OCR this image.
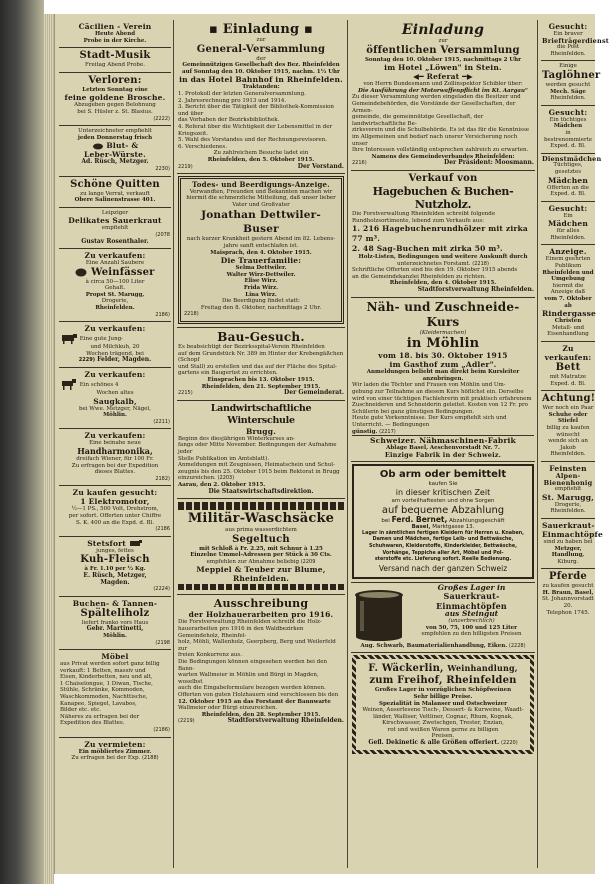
Cäcilien - Verein
Heute Abend
Probe in der Kirche.
Stadt-Musik
Freitag Abend Probe.
Verloren:
Letzten Sonntag eine
feine goldene Brosche.
Abzugeben gegen Belohnung
bei S. Hüsler z. St. Blasius.
(2222)
Unterzeichneter empfiehlt
jeden Donnerstag frisch
Blut- &
Leber-Würste.
Ad. Rüsch, Metzger.
2230)
Schöne Quitten
zu lange Verrat, verkauft
Obere Salinenstrasse 401.
Leipziger
Delikates Sauerkraut
empfiehlt
(2078
Gustav Rosenthaler.
Zu verkaufen:
Eine Anzahl Saubere
Weinfässer
à circa 50—100 Liter
Gehalt.
Propst St. Marugg,
Drogerie,
Rheinfelden.
2186)
Zu verkaufen:
Eine gute Jung-
und Milchkuh, 20
Wochen trägend, bei
2229) Felder, Magden.
Zu verkaufen:
Ein schönes 4
Wochen altes
Saugkalb,
bei Wwe. Metzger, Nägel,
Möhlin.
(2211)
Zu verkaufen:
Eine beinahe neue
Handharmonika,
dreifach Wiener, für 100 Fr.
Zu erfragen bei der Expedition
dieses Blattes.
2182)
Zu kaufen gesucht:
1 Elektromotor,
½—1 PS., 500 Volt, Drehstrom,
per sofort. Offerten unter Chiffre
S. K. 400 an die Expd. d. Bl.
(2186
Stetsfort
junges, fettes
Kuh-Fleisch
à Fr. 1.10 per ½ Kg.
E. Rüsch, Metzger,
Magden.
(2224)
Buchen- & Tannen-
Spälteliholz
liefert franko vors Haus
Gebr. Martinetti,
Möhlin.
(2198
Möbel
aus Privat werden sofort ganz billig
verkauft: 1 Betten, massiv und
Eisen, Kinderbetten, neu und alt,
1 Chaiselongue, 1 Diwan, Tische,
Stühle, Schränke, Kommoden,
Waschkommoden, Nachttische,
Kanapee, Spiegel, Lavabos,
Bilder etc. etc.
Näheres zu erfragen bei der
Expedition des Blattes.
(2186)
Zu vermieten:
Ein möbliertes Zimmer.
Zu erfragen bei der Exp. (2188)
▪ Einladung ▪
zur
General-Versammlung
der
Gemeinnützigen Gesellschaft des Bez. Rheinfelden
auf Sonntag den 10. Oktober 1915, nachm. 1½ Uhr
in das Hotel Bahnhof in Rheinfelden.
Traktanden:
1. Protokoll der letzten Generalversammlung.
2. Jahresrechnung pro 1913 und 1914.
3. Bericht über die Tätigkeit der Bibliothek-Kommission und über
das Vorhaben der Bezirksbibliothek.
4. Referat über die Wichtigkeit der Lebensmittel in der Kriegszeit.
5. Wahl des Vorstandes und der Rechnungsrevisoren.
6. Verschiedenes.
Zu zahlreichem Besuche ladet ein
Rheinfelden, den 5. Oktober 1915.
2219)	Der Vorstand.
Todes- und Beerdigungs-Anzeige.
Verwandten, Freunden und Bekannten machen wir
hiermit die schmerzliche Mitteilung, daß unser lieber
Vater und Großvater
Jonathan Dettwiler-Buser
nach kurzer Krankheit gestern Abend im 82. Lebens-
jahre sanft entschlafen ist.
Maisprach, den 4. Oktober 1915.
Die Trauerfamilie:
Selma Dettwiler.
Walter Wirz-Dettwiler.
Elise Wirz.
Frida Wirz.
Lina Wirz.
Die Beerdigung findet statt:
Freitag den 8. Oktober, nachmittags 2 Uhr.
2218)
Bau-Gesuch.
Es beabsichtigt der Bezirksspital-Verein Rheinfelden
auf dem Grundstück Nr. 389 im Hinter der Krebengäßchen (Schopf
und Stall) zu erstellen und das auf der Fläche des Spital-
gartens ein Baugerüst zu errichten.
Einsprachen bis 13. Oktober 1915.
Rheinfelden, den 21. September 1915.
2215)	Der Gemeinderat.
Landwirtschaftliche Winterschule
Brugg.
Beginn des diesjährigen Winterkurses an-
fangs oder Mitte November. Bedingungen der Aufnahme jeder
Stelle Publikation im Amtsblatt).
Anmeldungen mit Zeugnissen, Heimatschein und Schul-
zeugnis bis den 25. Oktober 1915 beim Rektorat in Brugg
einzureichen. (2203)
Aarau, den 2. Oktober 1915.
Die Staatswirtschaftsdirektion.
Militär-Waschsäcke
aus prima wasserdichtem
Segeltuch
mit Schloß à Fr. 2.25, mit Schnur à 1.25
Einzelne Ummel-Adressen per Stück à 30 Cts.
empfehlen zur Abnahme beliebig (2209
Meppiel & Teuber zur Blume,
Rheinfelden.
Ausschreibung
der Holzhauerarbeiten pro 1916.
Die Forstverwaltung Rheinfelden schreibt die Holz-
hauerarbeiten pro 1916 in den Waldbezirken Gemeindeholz, Rheinfel-
holz, Möhli, Wallenholz, Geerpberg, Berg und Weilerfeld zur
freien Konkurrenz aus.
Die Bedingungen können eingesehen werden bei den Bann-
warten Wallmeier in Möhlin und Bürgi in Magden, woselbst
auch die Eingabeformulare bezogen werden können.
Offerten von guten Holzhauern sind verschlossen bis den
12. Oktober 1915 an das Forstamt der Bannwarte
Wallmeier oder Bürgi einzureichen.
Rheinfelden, den 28. September 1915.
(2219)	Stadtforstverwaltung Rheinfelden.
Einladung
zur
öffentlichen Versammlung
Sonntag den 10. Oktober 1915, nachmittags 2 Uhr
im Hotel „Löwen" in Stein.
◀━ Referat ━▶
von Herrn Bundesmann und Zollinspektor Schibler über:
Die Ausführung der Motorwaffenpflicht im Kt. Aargau"
Zu dieser Versammlung werden eingeladen die Besitzer und
Gemeindebehörden, die Vorstände der Gesellschaften, der Armen-
gemeinde, die gemeinnützige Gesellschaft, der landwirtschaftliche Be-
zirksverein und die Schulbehörde. Es ist das für die Kenntnisse
im Allgemeinen und bedarf nach unsrer Versicherung noch unser
Ihre Interessen vollständig entsprechen zahlreich zu erwarten.
Namens des Gemeindeverbandes Rheinfelden:
2216)	Der Präsident: Moosmann.
Verkauf von
Hagebuchen & Buchen-Nutzholz.
Die Forstverwaltung Rheinfelden schreibt folgende
Rundholzsortimente, lebend zum Verkaufe aus:
1. 216 Hagebuchenrundhölzer mit zirka 77 m³.
2. 48 Sag-Buchen mit zirka 50 m³.
Holz-Listen, Bedingungen und weitere Auskunft durch
unterzeichnetes Forstamt. (2218)
Schriftliche Offerten sind bis den 19. Oktober 1915 abends
an die Gemeindekanzlei Rheinfelden zu richten.
Rheinfelden, den 4. Oktober 1915.
Stadtforstverwaltung Rheinfelden.
Näh- und Zuschneide-Kurs
(Kleidermachen)
in Möhlin
vom 18. bis 30. Oktober 1915
im Gasthof zum „Adler".
Anmeldungen beliebt man direkt beim Kursleiter anzubringen.
Wir laden die Töchter und Frauen von Möhlin und Um-
gebung zur Teilnahme an diesem Kurs höflichst ein. Derselbe
wird von einer tüchtigen Fachlehrerin mit praktisch erfahrenem
Zuschneideren und Schneiderin geleitet. Kosten von 12 Fr. pro
Schülerin bei ganz günstigen Bedingungen.
Heute gute Vorkenntnisse. Der Kurs empfiehlt sich und
Unterricht. — Bedingungen
günstig. (2217)
Schweizer. Nähmaschinen-Fabrik
Ablage Basel, Aeschenvorstadt Nr. 7.
Einzige Fabrik in der Schweiz.
Ob arm oder bemittelt
kaufen Sie
in dieser kritischen Zeit
am vorteilhaftesten und ohne Sorgen
auf bequeme Abzahlung
bei Ferd. Bernet, Abzahlungsgeschäft
Basel, Marktgasse 13.
Lager in sämtlichen fertigen Kleidern für Herren u. Knaben,
Damen und Mädchen, fertige Leib- und Bettwäsche,
Schuhwaren, Kleiderstoffe, Kinderkleider, Bettwäsche,
Vorhänge, Teppiche aller Art, Möbel und Pol-
sterstoffe etc. Lieferung sofort. Reelle Bedienung.
Versand nach der ganzen Schweiz
Großes Lager in
Sauerkraut-Einmachtöpfen
aus Steingut
(unzerbrechlich)
von 50, 75, 100 und 125 Liter
empfehlen zu den billigsten Preisen
Aug. Schwarb, Baumaterialienhandlung, Eiken. (2228)
F. Wäckerlin, Weinhandlung,
zum Freihof, Rheinfelden
Großes Lager in vorzüglichen Schöpfweinen
Sehr billige Preise.
Spezialität in Malanser und Ostschweizer
Weinen, Auserlesene Tisch-, Dessert- & Kurweine, Waadt-
länder, Walliser, Veltliner, Cognac, Rhum, Kognak,
Kirschwasser, Zwetschgen, Trester, Enzian,
rot und weißen Waren gerne zu billigen
Preisen.
Gefl. Dekinetic & alle Größen offeriert. (2220)
Gesucht:
Ein braver
Briefträgerdienst
die Post
Rheinfelden.
Einige
Taglöhner
werden gesucht
Mech. Säge
Rheinfelden.
Gesucht:
Ein tüchtiges
Mädchen
in bestrenommierte
Exped. d. Bl.
Dienstmädchen
Tüchtiges, gesetztes
Mädchen
Offerten an die
Exped. d. Bl.
Gesucht:
Ein
Mädchen
für alles
Rheinfelden.
Anzeige.
Einem geehrten Publikum
Rheinfelden und Umgebung
hiermit die Anzeige daß
vom 7. Oktober ab
Rindergasse
Christen
Metall- und Eisenhandlung
Zu verkaufen:
Bett
mit Matratze
Exped. d. Bl.
Achtung!
Wer noch ein Paar
Schuhe oder Stiefel
billig zu kaufen wünscht
wende sich an Jakob
Rheinfelden.
Feinsten
Alpen-Bienenhonig
empfiehlt
St. Marugg,
Drogerie, Rheinfelden.
Sauerkraut-
Einmachtöpfe
sind zu haben bei
Metzger, Handlung,
Kiburg.
Pferde
zu kaufen gesucht
H. Braun, Basel,
St. Johannvorstadt 20.
Telephon 1745.
